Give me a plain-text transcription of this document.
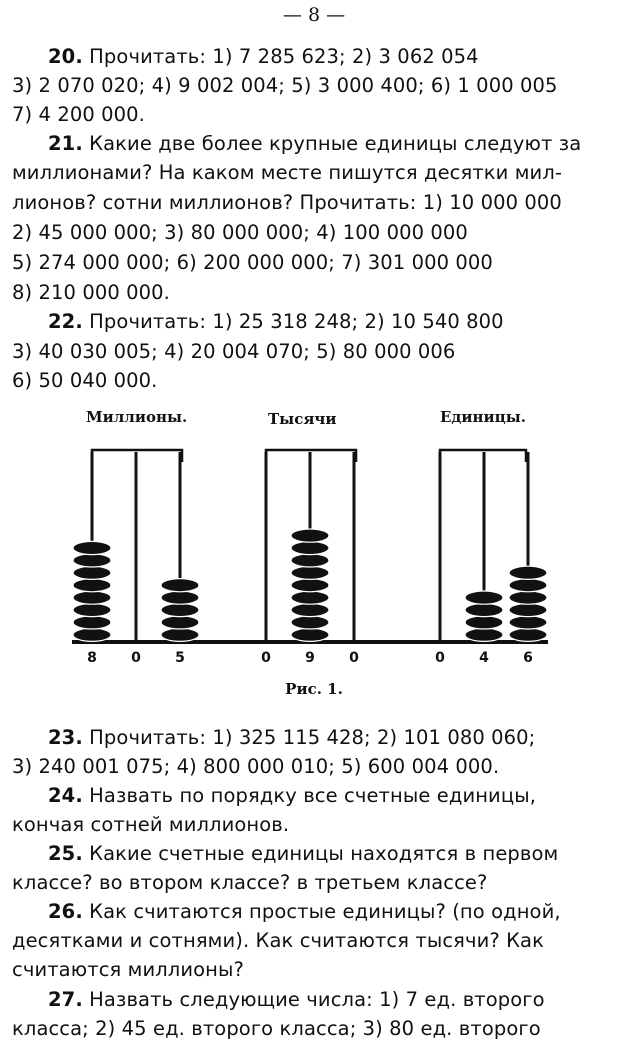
— 8 —
20. Прочитать: 1) 7 285 623; 2) 3 062 054
3) 2 070 020; 4) 9 002 004; 5) 3 000 400; 6) 1 000 005
7) 4 200 000.
21. Какие две более крупные единицы следуют за
миллионами? На каком месте пишутся десятки мил-
лионов? сотни миллионов? Прочитать: 1) 10 000 000
2) 45 000 000; 3) 80 000 000; 4) 100 000 000
5) 274 000 000; 6) 200 000 000; 7) 301 000 000
8) 210 000 000.
22. Прочитать: 1) 25 318 248; 2) 10 540 800
3) 40 030 005; 4) 20 004 070; 5) 80 000 006
6) 50 040 000.
Миллионы.	Тысячи	Единицы.
8 0 5	0 9 0	0 4 6
Рис. 1.
23. Прочитать: 1) 325 115 428; 2) 101 080 060;
3) 240 001 075; 4) 800 000 010; 5) 600 004 000.
24. Назвать по порядку все счетные единицы,
кончая сотней миллионов.
25. Какие счетные единицы находятся в первом
классе? во втором классе? в третьем классе?
26. Как считаются простые единицы? (по одной,
десятками и сотнями). Как считаются тысячи? Как
считаются миллионы?
27. Назвать следующие числа: 1) 7 ед. второго
класса; 2) 45 ед. второго класса; 3) 80 ед. второго
